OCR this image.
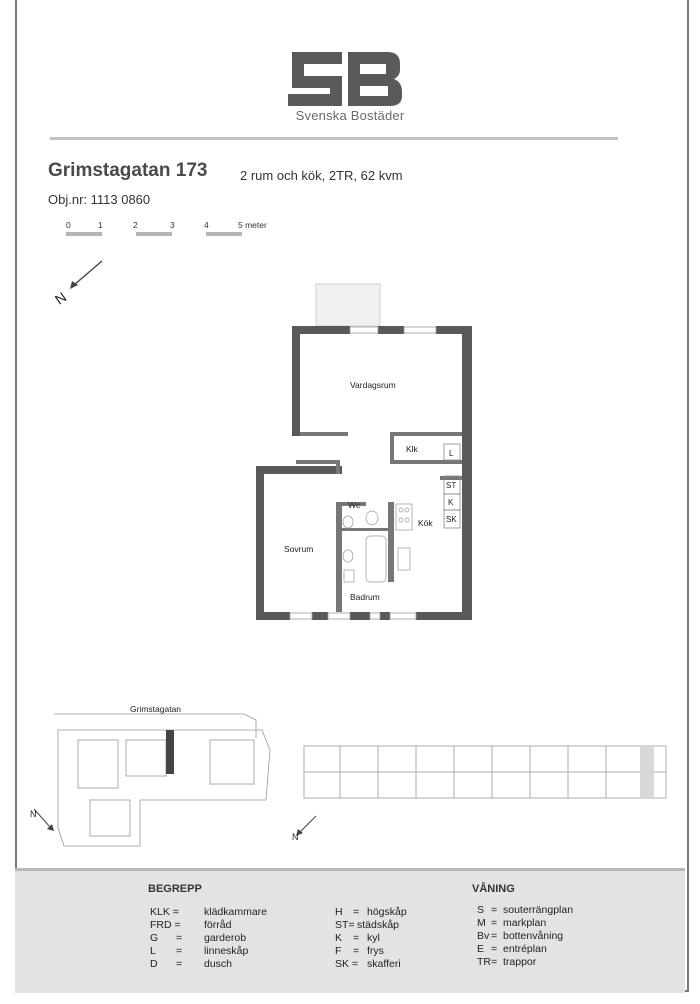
Svenska Bostäder
Grimstagatan 173	2 rum och kök, 2TR, 62 kvm
Obj.nr: 1113 0860
0	1	2	3	4	5 meter
N
Vardagsrum
Klk	L
ST
K
SK
Wc
Kök
Sovrum
Badrum
Grimstagatan
N
N
BEGREPP	VÅNING
KLK = klädkammare
FRD = förråd
G = garderob
L = linneskåp
D = dusch
H = högskåp
ST= städskåp
K = kyl
F = frys
SK = skafferi
S = souterrängplan
M = markplan
Bv = bottenvåning
E = entréplan
TR= trappor
